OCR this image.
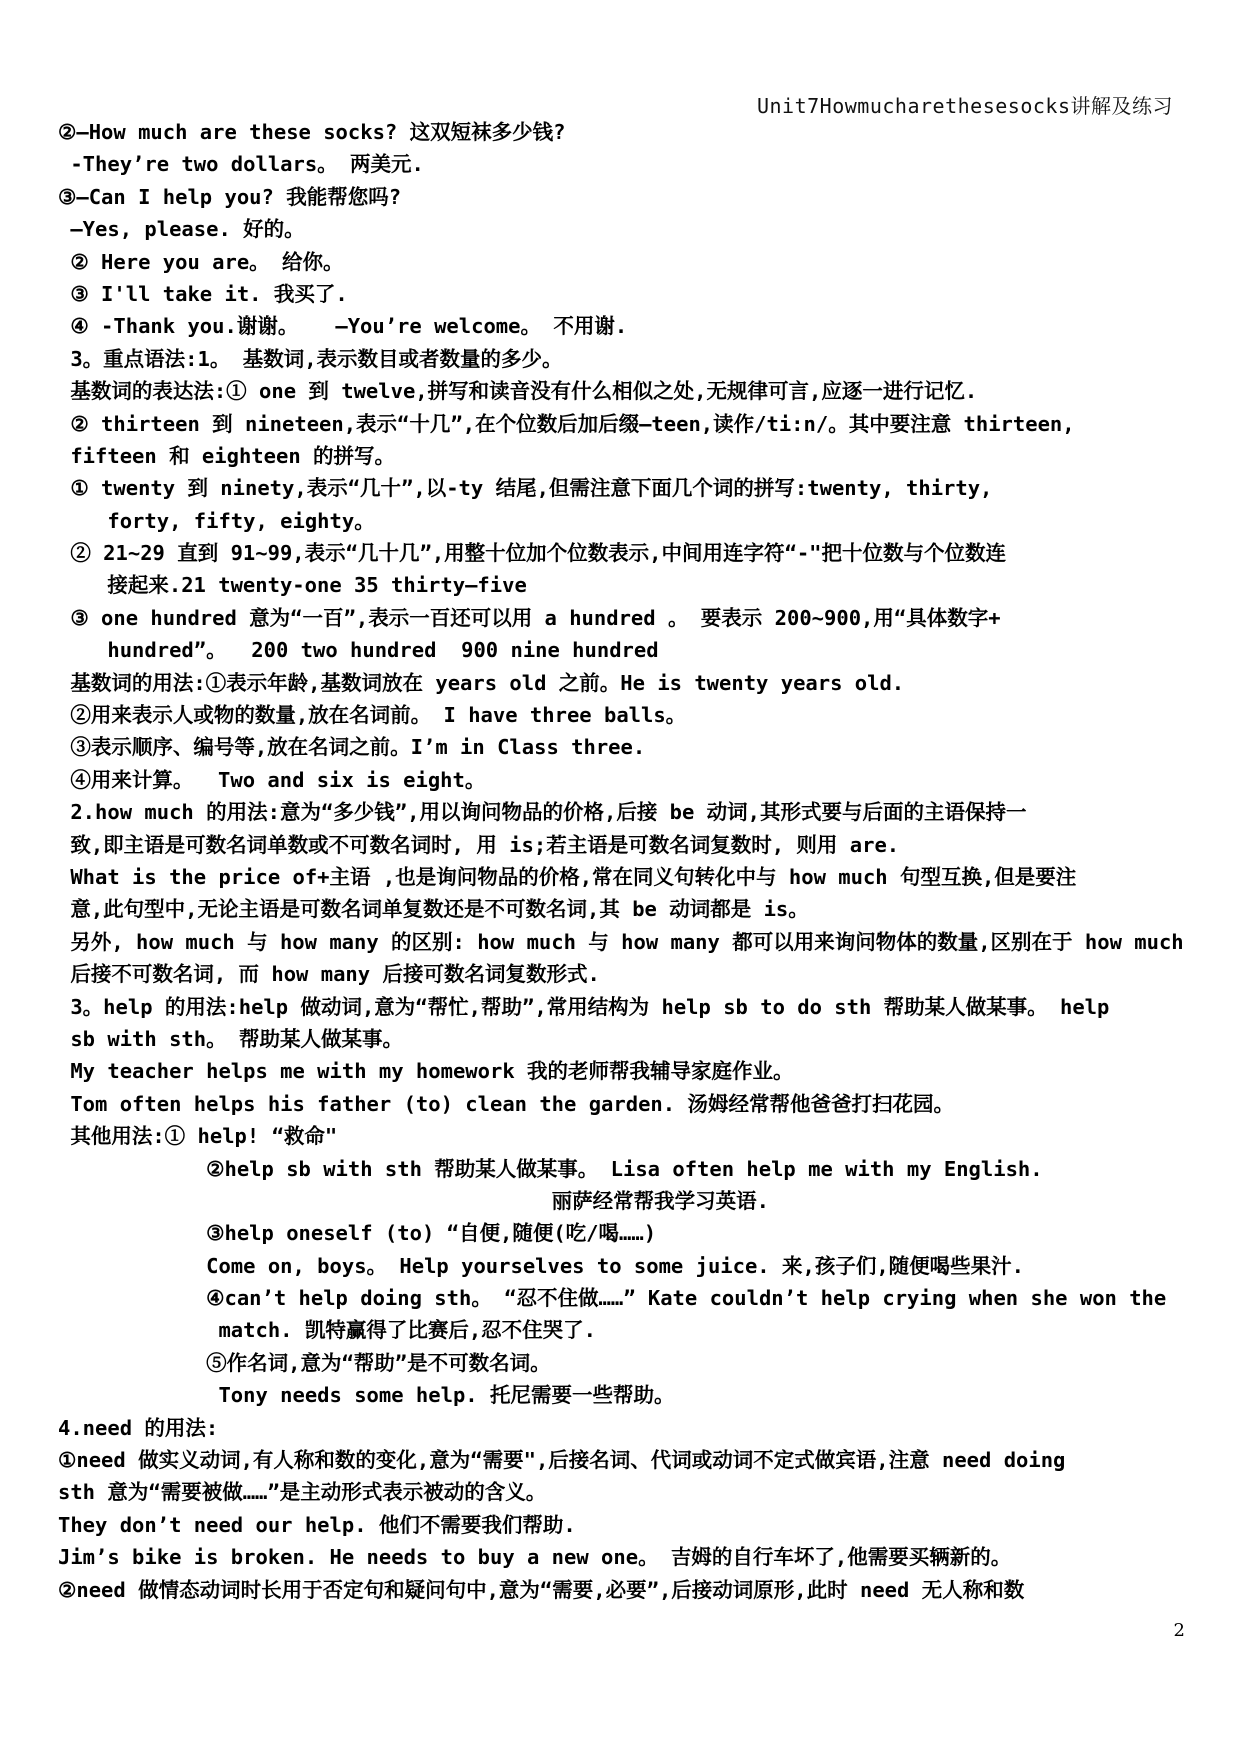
Unit7Howmucharethesesocks讲解及练习
②—How much are these socks? 这双短袜多少钱?
-They’re two dollars。 两美元.
③—Can I help you? 我能帮您吗?
—Yes, please. 好的。
② Here you are。 给你。
③ I'll take it. 我买了.
④ -Thank you.谢谢。   —You’re welcome。 不用谢.
3。重点语法:1。 基数词,表示数目或者数量的多少。
基数词的表达法:① one 到 twelve,拼写和读音没有什么相似之处,无规律可言,应逐一进行记忆.
② thirteen 到 nineteen,表示“十几”,在个位数后加后缀—teen,读作/ti:n/。其中要注意 thirteen,
fifteen 和 eighteen 的拼写。
① twenty 到 ninety,表示“几十”,以-ty 结尾,但需注意下面几个词的拼写:twenty, thirty,
forty, fifty, eighty。
② 21~29 直到 91~99,表示“几十几”,用整十位加个位数表示,中间用连字符“-"把十位数与个位数连
接起来.21 twenty-one 35 thirty—five
③ one hundred 意为“一百”,表示一百还可以用 a hundred 。 要表示 200~900,用“具体数字+
hundred”。  200 two hundred  900 nine hundred
基数词的用法:①表示年龄,基数词放在 years old 之前。He is twenty years old.
②用来表示人或物的数量,放在名词前。 I have three balls。
③表示顺序、编号等,放在名词之前。I’m in Class three.
④用来计算。  Two and six is eight。
2.how much 的用法:意为“多少钱”,用以询问物品的价格,后接 be 动词,其形式要与后面的主语保持一
致,即主语是可数名词单数或不可数名词时, 用 is;若主语是可数名词复数时, 则用 are.
What is the price of+主语 ,也是询问物品的价格,常在同义句转化中与 how much 句型互换,但是要注
意,此句型中,无论主语是可数名词单复数还是不可数名词,其 be 动词都是 is。
另外, how much 与 how many 的区别: how much 与 how many 都可以用来询问物体的数量,区别在于 how much
后接不可数名词, 而 how many 后接可数名词复数形式.
3。help 的用法:help 做动词,意为“帮忙,帮助”,常用结构为 help sb to do sth 帮助某人做某事。 help
sb with sth。 帮助某人做某事。
My teacher helps me with my homework 我的老师帮我辅导家庭作业。
Tom often helps his father (to) clean the garden. 汤姆经常帮他爸爸打扫花园。
其他用法:① help! “救命"
②help sb with sth 帮助某人做某事。 Lisa often help me with my English.
丽萨经常帮我学习英语.
③help oneself (to) “自便,随便(吃/喝……)
Come on, boys。 Help yourselves to some juice. 来,孩子们,随便喝些果汁.
④can’t help doing sth。 “忍不住做……” Kate couldn’t help crying when she won the
match. 凯特赢得了比赛后,忍不住哭了.
⑤作名词,意为“帮助”是不可数名词。
Tony needs some help. 托尼需要一些帮助。
4.need 的用法:
①need 做实义动词,有人称和数的变化,意为“需要",后接名词、代词或动词不定式做宾语,注意 need doing
sth 意为“需要被做……”是主动形式表示被动的含义。
They don’t need our help. 他们不需要我们帮助.
Jim’s bike is broken. He needs to buy a new one。 吉姆的自行车坏了,他需要买辆新的。
②need 做情态动词时长用于否定句和疑问句中,意为“需要,必要”,后接动词原形,此时 need 无人称和数
2
